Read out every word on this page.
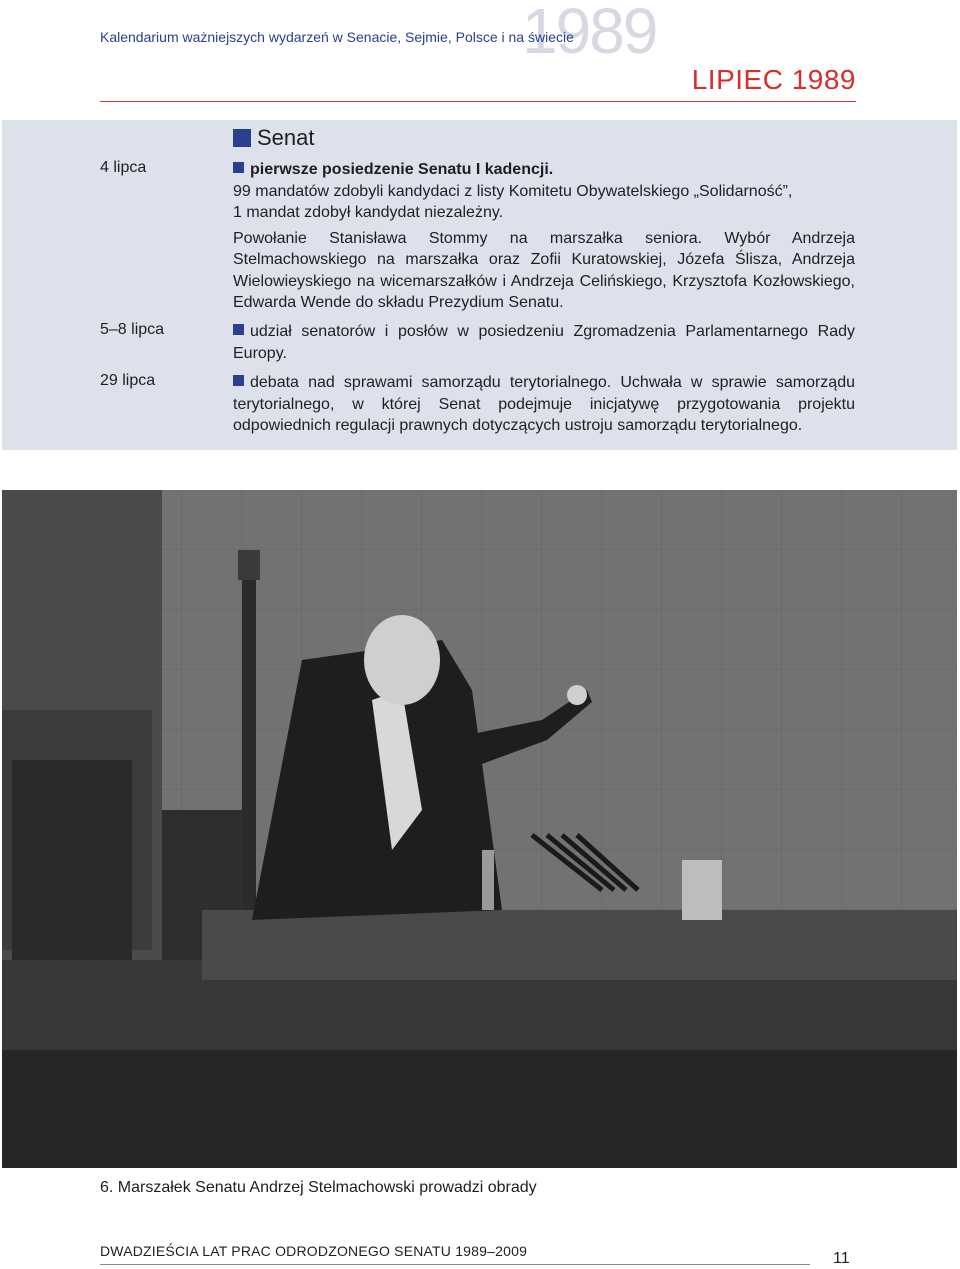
1989
Kalendarium ważniejszych wydarzeń w Senacie, Sejmie, Polsce i na świecie
LIPIEC 1989
Senat
4 lipca	pierwsze posiedzenie Senatu I kadencji.

99 mandatów zdobyli kandydaci z listy Komitetu Obywatelskiego „Solidarność”,

1 mandat zdobył kandydat niezależny.

Powołanie Stanisława Stommy na marszałka seniora. Wybór Andrzeja Stelmachowskiego na marszałka oraz Zofii Kuratowskiej, Józefa Ślisza, Andrzeja Wielowieyskiego na wicemarszałków i Andrzeja Celińskiego, Krzysztofa Kozłowskiego, Edwarda Wende do składu Prezydium Senatu.

5–8 lipca	udział senatorów i posłów w posiedzeniu Zgromadzenia Parlamentarnego Rady Europy.
29 lipca	debata nad sprawami samorządu terytorialnego. Uchwała w sprawie samorządu terytorialnego, w której Senat podejmuje inicjatywę przygotowania projektu odpowiednich regulacji prawnych dotyczących ustroju samorządu terytorialnego.
6. Marszałek Senatu Andrzej Stelmachowski prowadzi obrady
DWADZIEŚCIA LAT PRAC ODRODZONEGO SENATU 1989–2009	11
